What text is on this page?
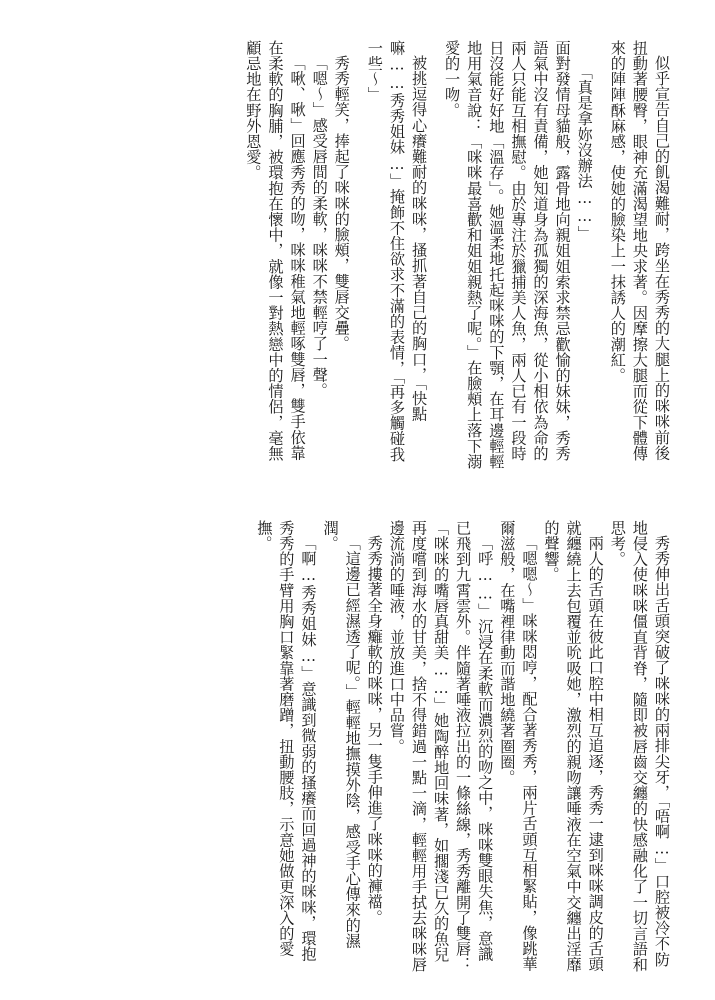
似乎宣告自己的飢渴難耐，跨坐在秀秀的大腿上的咪咪前後扭動著腰臀，眼神充滿渴望地央求著。因摩擦大腿而從下體傳來的陣陣酥麻感，使她的臉染上一抹誘人的潮紅。

「真是拿妳沒辦法……」

面對發情母貓般，露骨地向親姐姐索求禁忌歡愉的妹妹，秀秀語氣中沒有責備，她知道身為孤獨的深海魚，從小相依為命的兩人只能互相撫慰。由於專注於獵捕美人魚，兩人已有一段時日沒能好好地「溫存」。她溫柔地托起咪咪的下顎，在耳邊輕輕地用氣音說：「咪咪最喜歡和姐姐親熱了呢。」在臉頰上落下溺愛的一吻。

被挑逗得心癢難耐的咪咪，搔抓著自己的胸口，「快點嘛……秀秀姐妹…」掩飾不住欲求不滿的表情，「再多觸碰我一些～」

秀秀輕笑，捧起了咪咪的臉頰，雙唇交疊。

「嗯～」感受唇間的柔軟，咪咪不禁輕哼了一聲。

「啾、啾」回應秀秀的吻，咪咪稚氣地輕啄雙唇，雙手依靠在柔軟的胸脯，被環抱在懷中，就像一對熱戀中的情侶，毫無顧忌地在野外恩愛。

秀秀伸出舌頭突破了咪咪的兩排尖牙，「唔啊…」口腔被冷不防地侵入使咪咪僵直背脊，隨即被唇齒交纏的快感融化了一切言語和思考。

兩人的舌頭在彼此口腔中相互追逐，秀秀一逮到咪咪調皮的舌頭就纏繞上去包覆並吮吸她，激烈的親吻讓唾液在空氣中交纏出淫靡的聲響。

「嗯嗯～」咪咪悶哼，配合著秀秀，兩片舌頭互相緊貼，像跳華爾滋般，在嘴裡律動而諧地繞著圈圈。

「呼……」沉浸在柔軟而濃烈的吻之中，咪咪雙眼失焦，意識已飛到九霄雲外。伴隨著唾液拉出的一條絲線，秀秀離開了雙唇：「咪咪的嘴唇真甜美……」她陶醉地回味著，如擱淺已久的魚兒再度嚐到海水的甘美，捨不得錯過一點一滴，輕輕用手拭去咪咪唇邊流淌的唾液，並放進口中品嘗。

秀秀摟著全身癱軟的咪咪，另一隻手伸進了咪咪的褲襠。

「這邊已經濕透了呢。」輕輕地撫摸外陰，感受手心傳來的濕潤。

「啊…秀秀姐妹…」意識到微弱的搔癢而回過神的咪咪，環抱秀秀的手臂用胸口緊靠著磨蹭，扭動腰肢，示意她做更深入的愛撫。
